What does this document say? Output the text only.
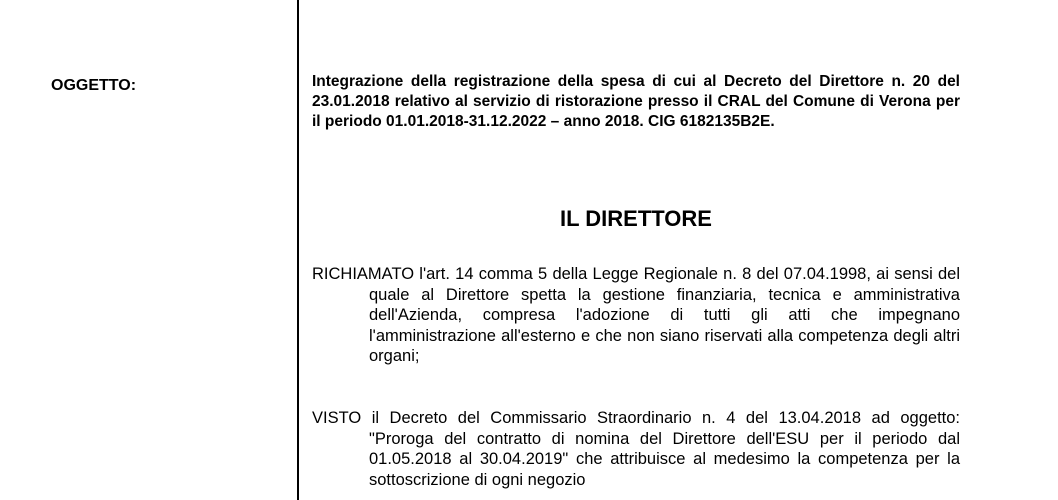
OGGETTO:	Integrazione della registrazione della spesa di cui al Decreto del Direttore n. 20 del 23.01.2018 relativo al servizio di ristorazione presso il CRAL del Comune di Verona per il periodo 01.01.2018-31.12.2022 – anno 2018. CIG 6182135B2E.
IL DIRETTORE
RICHIAMATO l'art. 14 comma 5 della Legge Regionale n. 8 del 07.04.1998, ai sensi del quale al Direttore spetta la gestione finanziaria, tecnica e amministrativa dell'Azienda, compresa l'adozione di tutti gli atti che impegnano l'amministrazione all'esterno e che non siano riservati alla competenza degli altri organi;
VISTO il Decreto del Commissario Straordinario n. 4 del 13.04.2018 ad oggetto: "Proroga del contratto di nomina del Direttore dell'ESU per il periodo dal 01.05.2018 al 30.04.2019" che attribuisce al medesimo la competenza per la sottoscrizione di ogni negozio
